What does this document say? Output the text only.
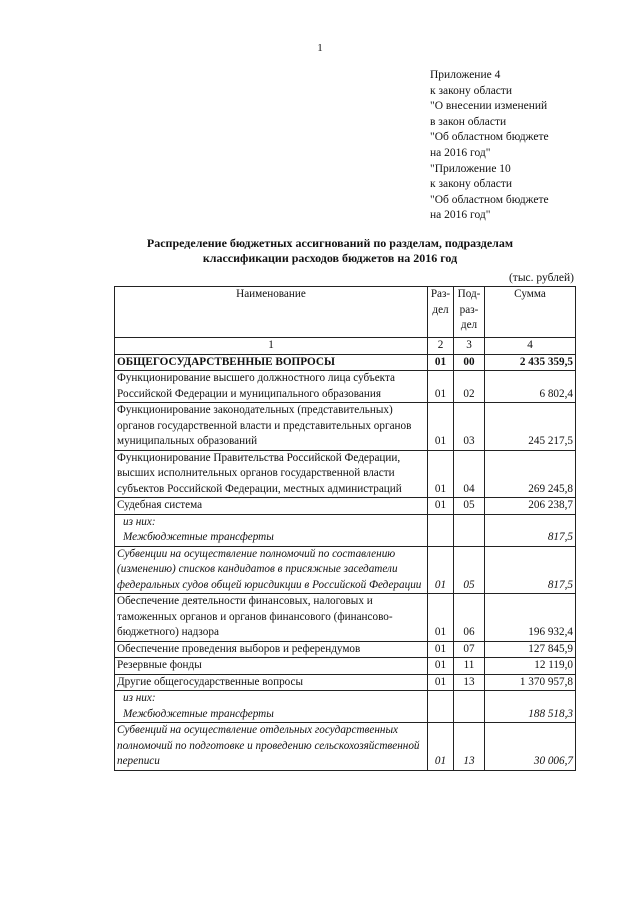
1
Приложение 4
к закону области
"О внесении изменений
в закон области
"Об областном бюджете
на 2016 год"
"Приложение 10
к закону области
"Об областном бюджете
на 2016 год"
Распределение бюджетных ассигнований по разделам, подразделам
классификации расходов бюджетов на 2016 год
(тыс. рублей)
Наименование	Раз-дел	Под-раз-дел	Сумма
1	2	3	4
ОБЩЕГОСУДАРСТВЕННЫЕ ВОПРОСЫ	01	00	2 435 359,5
Функционирование высшего должностного лица субъекта Российской Федерации и муниципального образования	01	02	6 802,4
Функционирование законодательных (представительных) органов государственной власти и представительных органов муниципальных образований	01	03	245 217,5
Функционирование Правительства Российской Федерации, высших исполнительных органов государственной власти субъектов Российской Федерации, местных администраций	01	04	269 245,8
Судебная система	01	05	206 238,7

из них:
Межбюджетные трансферты			817,5
Субвенции на осуществление полномочий по составлению (изменению) списков кандидатов в присяжные заседатели федеральных судов общей юрисдикции в Российской Федерации	01	05	817,5
Обеспечение деятельности финансовых, налоговых и таможенных органов и органов финансового (финансово-бюджетного) надзора	01	06	196 932,4
Обеспечение проведения выборов и референдумов	01	07	127 845,9
Резервные фонды	01	11	12 119,0
Другие общегосударственные вопросы	01	13	1 370 957,8

из них:
Межбюджетные трансферты			188 518,3
Субвенций на осуществление отдельных государственных полномочий по подготовке и проведению сельскохозяйственной переписи	01	13	30 006,7
